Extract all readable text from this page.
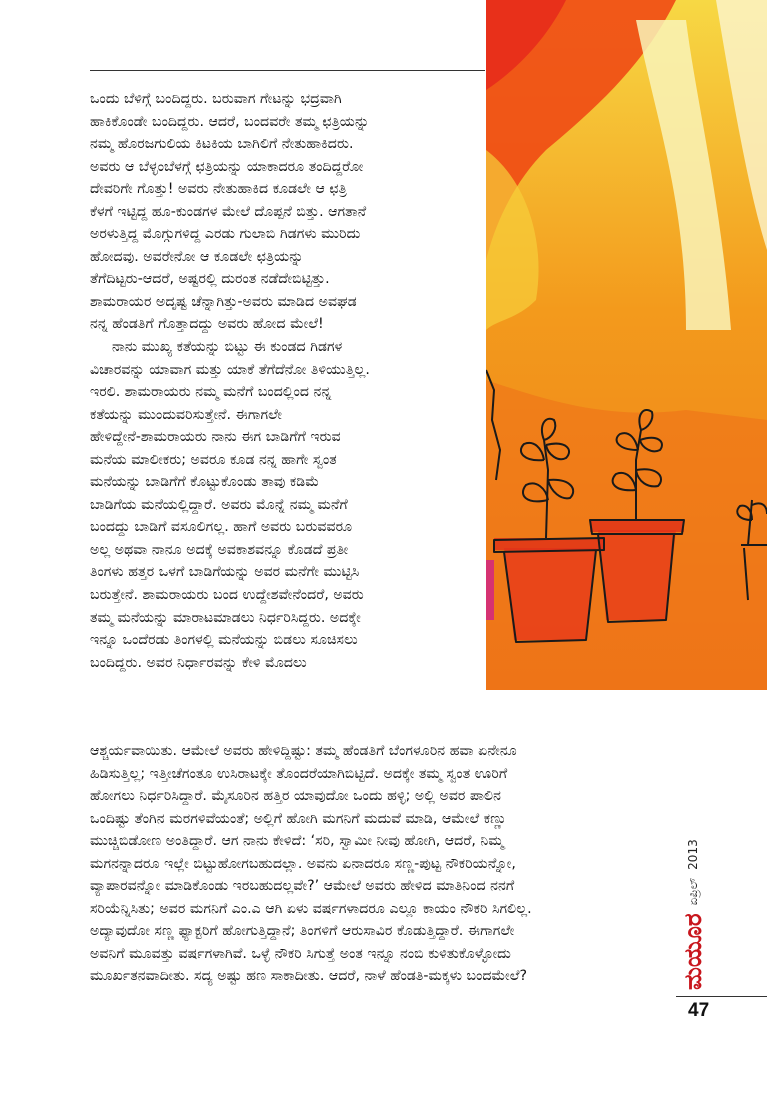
ಒಂದು ಬೆಳಿಗ್ಗೆ ಬಂದಿದ್ದರು. ಬರುವಾಗ ಗೇಟನ್ನು ಭದ್ರವಾಗಿ
ಹಾಕಿಕೊಂಡೇ ಬಂದಿದ್ದರು. ಆದರೆ, ಬಂದವರೇ ತಮ್ಮ ಛತ್ರಿಯನ್ನು
ನಮ್ಮ ಹೊರಜಗುಲಿಯ ಕಿಟಕಿಯ ಬಾಗಿಲಿಗೆ ನೇತುಹಾಕಿದರು.
ಅವರು ಆ ಬೆಳ್ಳಂಬೆಳಗ್ಗೆ ಛತ್ರಿಯನ್ನು ಯಾಕಾದರೂ ತಂದಿದ್ದರೋ
ದೇವರಿಗೇ ಗೊತ್ತು! ಅವರು ನೇತುಹಾಕಿದ ಕೂಡಲೇ ಆ ಛತ್ರಿ
ಕೆಳಗೆ ಇಟ್ಟಿದ್ದ ಹೂ-ಕುಂಡಗಳ ಮೇಲೆ ದೊಪ್ಪನೆ ಬಿತ್ತು. ಆಗತಾನೆ
ಅರಳುತ್ತಿದ್ದ ಮೊಗ್ಗುಗಳಿದ್ದ ಎರಡು ಗುಲಾಬಿ ಗಿಡಗಳು ಮುರಿದು
ಹೋದವು. ಅವರೇನೋ ಆ ಕೂಡಲೇ ಛತ್ರಿಯನ್ನು
ತೆಗೆದಿಟ್ಟರು-ಆದರೆ, ಅಷ್ಟರಲ್ಲಿ ದುರಂತ ನಡೆದೇಬಿಟ್ಟಿತ್ತು.
ಶಾಮರಾಯರ ಅದೃಷ್ಟ ಚೆನ್ನಾಗಿತ್ತು-ಅವರು ಮಾಡಿದ ಅವಘಡ
ನನ್ನ ಹೆಂಡತಿಗೆ ಗೊತ್ತಾದದ್ದು ಅವರು ಹೋದ ಮೇಲೆ!
ನಾನು ಮುಖ್ಯ ಕತೆಯನ್ನು ಬಿಟ್ಟು ಈ ಕುಂಡದ ಗಿಡಗಳ
ವಿಚಾರವನ್ನು ಯಾವಾಗ ಮತ್ತು ಯಾಕೆ ತೆಗೆದೆನೋ ತಿಳಿಯುತ್ತಿಲ್ಲ.
ಇರಲಿ. ಶಾಮರಾಯರು ನಮ್ಮ ಮನೆಗೆ ಬಂದಲ್ಲಿಂದ ನನ್ನ
ಕತೆಯನ್ನು ಮುಂದುವರಿಸುತ್ತೇನೆ. ಈಗಾಗಲೇ
ಹೇಳಿದ್ದೇನೆ-ಶಾಮರಾಯರು ನಾನು ಈಗ ಬಾಡಿಗೆಗೆ ಇರುವ
ಮನೆಯ ಮಾಲೀಕರು; ಅವರೂ ಕೂಡ ನನ್ನ ಹಾಗೇ ಸ್ವಂತ
ಮನೆಯನ್ನು ಬಾಡಿಗೆಗೆ ಕೊಟ್ಟುಕೊಂಡು ತಾವು ಕಡಿಮೆ
ಬಾಡಿಗೆಯ ಮನೆಯಲ್ಲಿದ್ದಾರೆ. ಅವರು ಮೊನ್ನೆ ನಮ್ಮ ಮನೆಗೆ
ಬಂದದ್ದು ಬಾಡಿಗೆ ವಸೂಲಿಗಲ್ಲ. ಹಾಗೆ ಅವರು ಬರುವವರೂ
ಅಲ್ಲ ಅಥವಾ ನಾನೂ ಅದಕ್ಕೆ ಅವಕಾಶವನ್ನೂ ಕೊಡದೆ ಪ್ರತೀ
ತಿಂಗಳು ಹತ್ತರ ಒಳಗೆ ಬಾಡಿಗೆಯನ್ನು ಅವರ ಮನೆಗೇ ಮುಟ್ಟಿಸಿ
ಬರುತ್ತೇನೆ. ಶಾಮರಾಯರು ಬಂದ ಉದ್ದೇಶವೇನೆಂದರೆ, ಅವರು
ತಮ್ಮ ಮನೆಯನ್ನು ಮಾರಾಟಮಾಡಲು ನಿರ್ಧರಿಸಿದ್ದರು. ಅದಕ್ಕೇ
ಇನ್ನೂ ಒಂದೆರಡು ತಿಂಗಳಲ್ಲಿ ಮನೆಯನ್ನು ಬಿಡಲು ಸೂಚಿಸಲು
ಬಂದಿದ್ದರು. ಅವರ ನಿರ್ಧಾರವನ್ನು ಕೇಳಿ ಮೊದಲು
ಆಶ್ಚರ್ಯವಾಯಿತು. ಆಮೇಲೆ ಅವರು ಹೇಳಿದ್ದಿಷ್ಟು: ತಮ್ಮ ಹೆಂಡತಿಗೆ ಬೆಂಗಳೂರಿನ ಹವಾ ಏನೇನೂ
ಹಿಡಿಸುತ್ತಿಲ್ಲ; ಇತ್ತೀಚೆಗಂತೂ ಉಸಿರಾಟಕ್ಕೇ ತೊಂದರೆಯಾಗಿಬಿಟ್ಟಿದೆ. ಅದಕ್ಕೇ ತಮ್ಮ ಸ್ವಂತ ಊರಿಗೆ
ಹೋಗಲು ನಿರ್ಧರಿಸಿದ್ದಾರೆ. ಮೈಸೂರಿನ ಹತ್ತಿರ ಯಾವುದೋ ಒಂದು ಹಳ್ಳಿ; ಅಲ್ಲಿ ಅವರ ಪಾಲಿನ
ಒಂದಿಷ್ಟು ತೆಂಗಿನ ಮರಗಳಿವೆಯಂತೆ; ಅಲ್ಲಿಗೆ ಹೋಗಿ ಮಗನಿಗೆ ಮದುವೆ ಮಾಡಿ, ಆಮೇಲೆ ಕಣ್ಣು
ಮುಚ್ಚಿಬಿಡೋಣ ಅಂತಿದ್ದಾರೆ. ಆಗ ನಾನು ಕೇಳಿದೆ: ‘ಸರಿ, ಸ್ವಾಮೀ ನೀವು ಹೋಗಿ, ಆದರೆ, ನಿಮ್ಮ
ಮಗನನ್ನಾದರೂ ಇಲ್ಲೇ ಬಿಟ್ಟುಹೋಗಬಹುದಲ್ಲಾ. ಅವನು ಏನಾದರೂ ಸಣ್ಣ-ಪುಟ್ಟ ನೌಕರಿಯನ್ನೋ,
ವ್ಯಾಪಾರವನ್ನೋ ಮಾಡಿಕೊಂಡು ಇರಬಹುದಲ್ಲವೇ?’ ಆಮೇಲೆ ಅವರು ಹೇಳಿದ ಮಾತಿನಿಂದ ನನಗೆ
ಸರಿಯೆನ್ನಿಸಿತು; ಅವರ ಮಗನಿಗೆ ಎಂ.ಎ ಆಗಿ ಏಳು ವರ್ಷಗಳಾದರೂ ಎಲ್ಲೂ ಕಾಯಂ ನೌಕರಿ ಸಿಗಲಿಲ್ಲ.
ಅದ್ಯಾವುದೋ ಸಣ್ಣ ಫ್ಯಾಕ್ಟರಿಗೆ ಹೋಗುತ್ತಿದ್ದಾನೆ; ತಿಂಗಳಿಗೆ ಆರುಸಾವಿರ ಕೊಡುತ್ತಿದ್ದಾರೆ. ಈಗಾಗಲೇ
ಅವನಿಗೆ ಮೂವತ್ತು ವರ್ಷಗಳಾಗಿವೆ. ಒಳ್ಳೆ ನೌಕರಿ ಸಿಗುತ್ತೆ ಅಂತ ಇನ್ನೂ ನಂಬಿ ಕುಳಿತುಕೊಳ್ಳೋದು
ಮೂರ್ಖತನವಾದೀತು. ಸದ್ಯ ಅಷ್ಟು ಹಣ ಸಾಕಾದೀತು. ಆದರೆ, ನಾಳೆ ಹೆಂಡತಿ-ಮಕ್ಕಳು ಬಂದಮೇಲೆ?	ಮಯೂರ
ಏಪ್ರಿಲ್
2013
47
